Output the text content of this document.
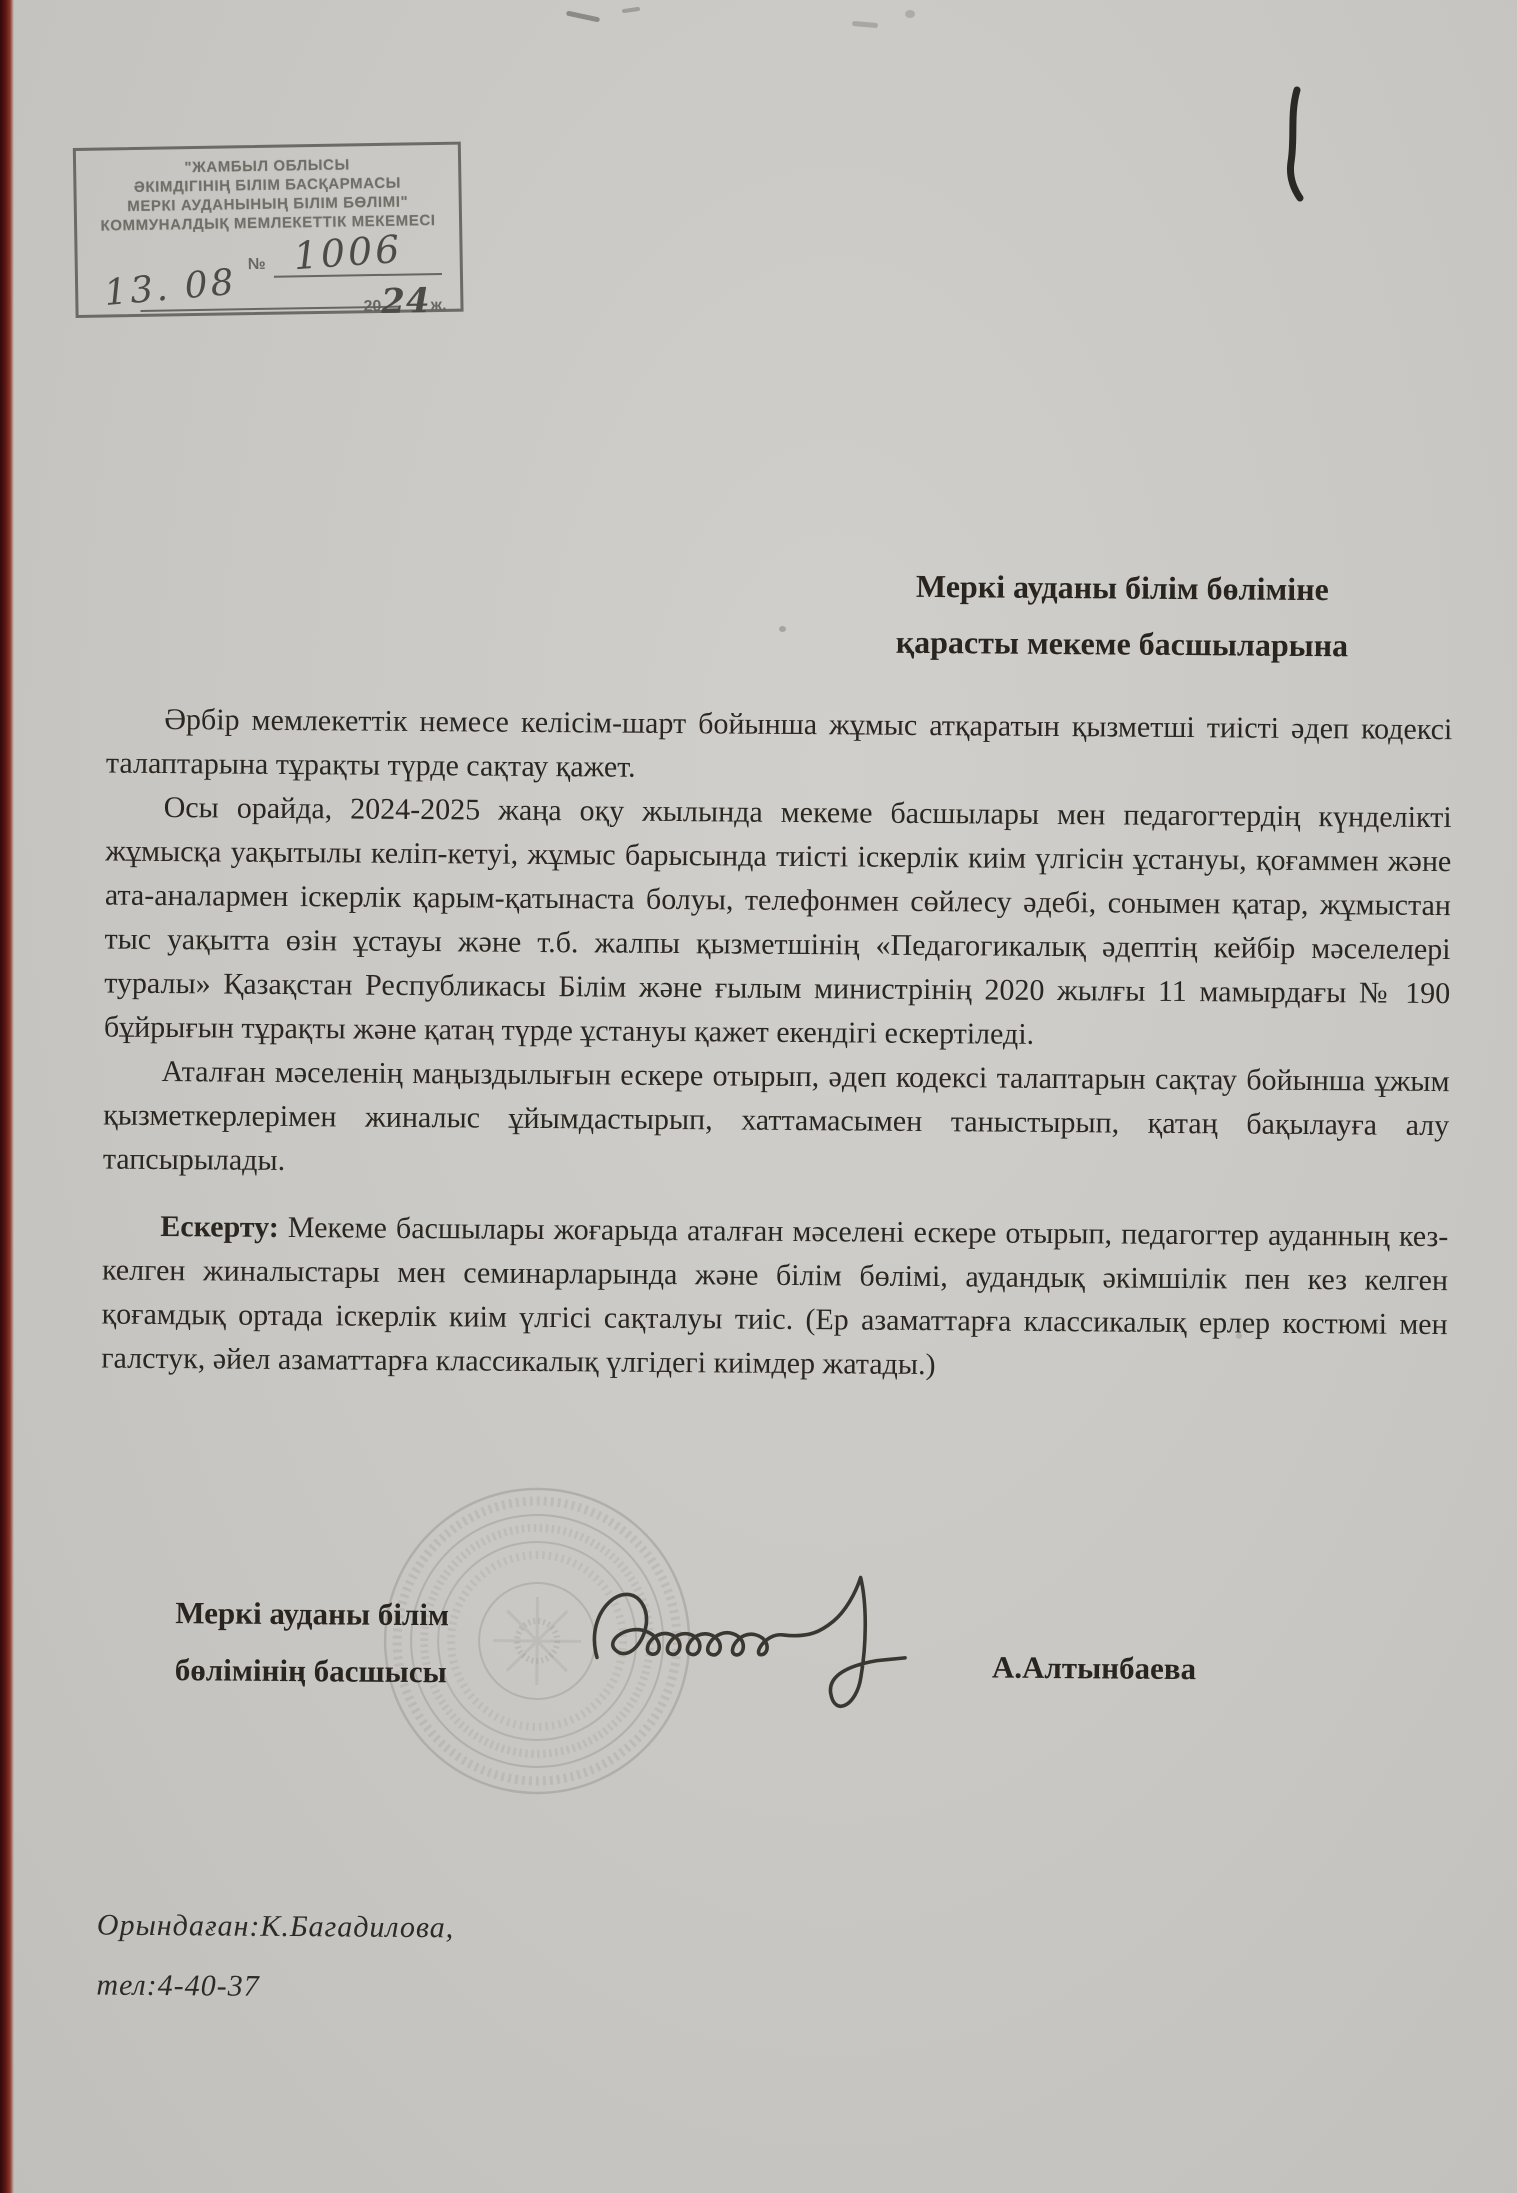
"ЖАМБЫЛ ОБЛЫСЫ
ӘКІМДІГІНІҢ БІЛІМ БАСҚАРМАСЫ
МЕРКІ АУДАНЫНЫҢ БІЛІМ БӨЛІМІ"
КОММУНАЛДЫҚ МЕМЛЕКЕТТІК МЕКЕМЕСІ
№ 1006
13. 08	2024ж.
Меркі ауданы білім бөліміне
қарасты мекеме басшыларына

Әрбір мемлекеттік немесе келісім-шарт бойынша жұмыс атқаратын қызметші тиісті әдеп кодексі талаптарына тұрақты түрде сақтау қажет.

Осы орайда, 2024-2025 жаңа оқу жылында мекеме басшылары мен педагогтердің күнделікті жұмысқа уақытылы келіп-кетуі, жұмыс барысында тиісті іскерлік киім үлгісін ұстануы, қоғаммен және ата-аналармен іскерлік қарым-қатынаста болуы, телефонмен сөйлесу әдебі, сонымен қатар, жұмыстан тыс уақытта өзін ұстауы және т.б. жалпы қызметшінің «Педагогикалық әдептің кейбір мәселелері туралы» Қазақстан Республикасы Білім және ғылым министрінің 2020 жылғы 11 мамырдағы № 190 бұйрығын тұрақты және қатаң түрде ұстануы қажет екендігі ескертіледі.

Аталған мәселенің маңыздылығын ескере отырып, әдеп кодексі талаптарын сақтау бойынша ұжым қызметкерлерімен жиналыс ұйымдастырып, хаттамасымен таныстырып, қатаң бақылауға алу тапсырылады.

Ескерту: Мекеме басшылары жоғарыда аталған мәселені ескере отырып, педагогтер ауданның кез-келген жиналыстары мен семинарларында және білім бөлімі, аудандық әкімшілік пен кез келген қоғамдық ортада іскерлік киім үлгісі сақталуы тиіс. (Ер азаматтарға классикалық ерлер костюмі мен галстук, әйел азаматтарға классикалық үлгідегі киімдер жатады.)

Меркі ауданы білім
бөлімінің басшысы	А.Алтынбаева
Орындаған:К.Багадилова,
тел:4-40-37
